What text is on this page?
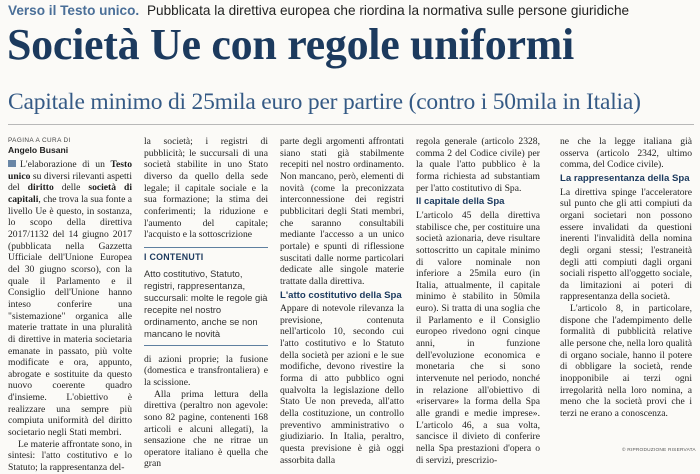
Verso il Testo unico. Pubblicata la direttiva europea che riordina la normativa sulle persone giuridiche
Società Ue con regole uniformi
Capitale minimo di 25mila euro per partire (contro i 50mila in Italia)
PAGINA A CURA DI
Angelo Busani

L'elaborazione di un Testo unico su diversi rilevanti aspetti del diritto delle società di capitali, che trova la sua fonte a livello Ue è questo, in sostanza, lo scopo della direttiva 2017/1132 del 14 giugno 2017 (pubblicata nella Gazzetta Ufficiale dell'Unione Europea del 30 giugno scorso), con la quale il Parlamento e il Consiglio dell'Unione hanno inteso conferire una "sistemazione" organica alle materie trattate in una pluralità di direttive in materia societaria emanate in passato, più volte modificate e ora, appunto, abrogate e sostituite da questo nuovo coerente quadro d'insieme. L'obiettivo è realizzare una sempre più compiuta uniformità del diritto societario negli Stati membri.

Le materie affrontate sono, in sintesi: l'atto costitutivo e lo Statuto; la rappresentanza del-

la società; i registri di pubblicità; le succursali di una società stabilite in uno Stato diverso da quello della sede legale; il capitale sociale e la sua formazione; la stima dei conferimenti; la riduzione e l'aumento del capitale; l'acquisto e la sottoscrizione

I CONTENUTI
Atto costitutivo, Statuto, registri, rappresentanza, succursali: molte le regole già recepite nel nostro ordinamento, anche se non mancano le novità

di azioni proprie; la fusione (domestica e transfrontaliera) e la scissione.

Alla prima lettura della direttiva (peraltro non agevole: sono 82 pagine, contenenti 168 articoli e alcuni allegati), la sensazione che ne ritrae un operatore italiano è quella che gran

parte degli argomenti affrontati siano stati già stabilmente recepiti nel nostro ordinamento. Non mancano, però, elementi di novità (come la preconizzata interconnessione dei registri pubblicitari degli Stati membri, che saranno consultabili mediante l'accesso a un unico portale) e spunti di riflessione suscitati dalle norme particolari dedicate alle singole materie trattate dalla direttiva.

L'atto costitutivo della Spa

Appare di notevole rilevanza la previsione, contenuta nell'articolo 10, secondo cui l'atto costitutivo e lo Statuto della società per azioni e le sue modifiche, devono rivestire la forma di atto pubblico ogni qualvolta la legislazione dello Stato Ue non preveda, all'atto della costituzione, un controllo preventivo amministrativo o giudiziario. In Italia, peraltro, questa previsione è già oggi assorbita dalla

regola generale (articolo 2328, comma 2 del Codice civile) per la quale l'atto pubblico è la forma richiesta ad substantiam per l'atto costitutivo di Spa.

Il capitale della Spa

L'articolo 45 della direttiva stabilisce che, per costituire una società azionaria, deve risultare sottoscritto un capitale minimo di valore nominale non inferiore a 25mila euro (in Italia, attualmente, il capitale minimo è stabilito in 50mila euro). Si tratta di una soglia che il Parlamento e il Consiglio europeo rivedono ogni cinque anni, in funzione dell'evoluzione economica e monetaria che si sono intervenute nel periodo, nonché in relazione all'obiettivo di «riservare» la forma della Spa alle grandi e medie imprese». L'articolo 46, a sua volta, sancisce il divieto di conferire nella Spa prestazioni d'opera o di servizi, prescrizio-

ne che la legge italiana già osserva (articolo 2342, ultimo comma, del Codice civile).

La rappresentanza della Spa

La direttiva spinge l'acceleratore sul punto che gli atti compiuti da organi societari non possono essere invalidati da questioni inerenti l'invalidità della nomina degli organi stessi; l'estraneità degli atti compiuti dagli organi sociali rispetto all'oggetto sociale, da limitazioni ai poteri di rappresentanza della società.

L'articolo 8, in particolare, dispone che l'adempimento delle formalità di pubblicità relative alle persone che, nella loro qualità di organo sociale, hanno il potere di obbligare la società, rende inopponibile ai terzi ogni irregolarità nella loro nomina, a meno che la società provi che i terzi ne erano a conoscenza.

© RIPRODUZIONE RISERVATA
